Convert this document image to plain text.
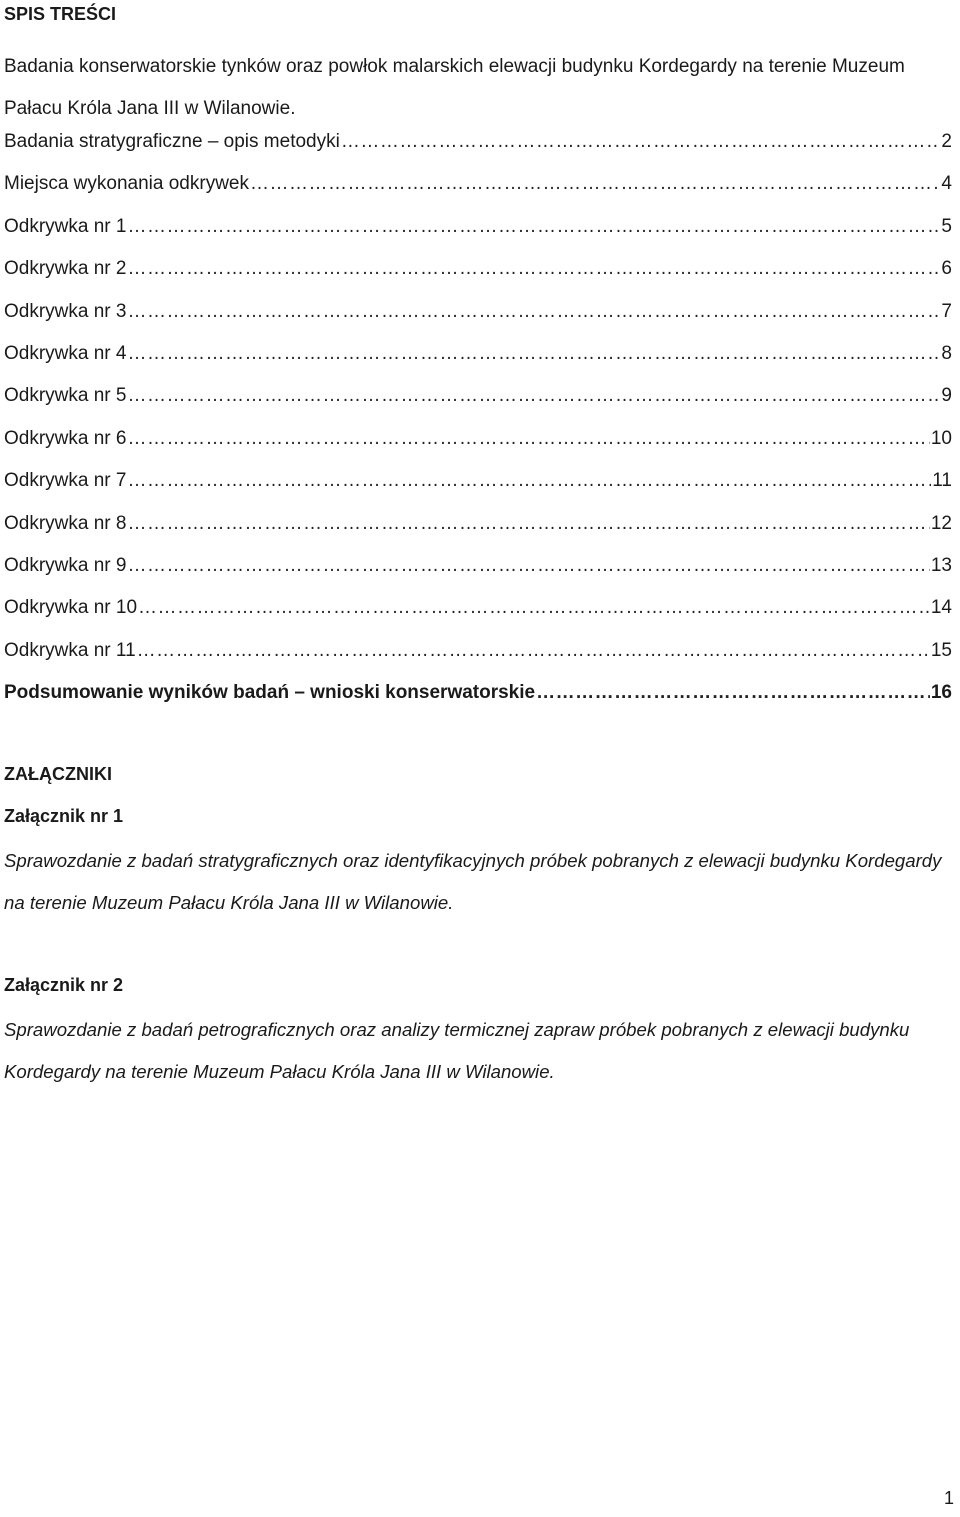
SPIS TREŚCI
Badania konserwatorskie tynków oraz powłok malarskich elewacji budynku Kordegardy na terenie Muzeum Pałacu Króla Jana III w Wilanowie.
Badania stratygraficzne – opis metodyki ……………………………………………………………………………………………………………………………………………………………………………………………………………………………………	2
Miejsca wykonania odkrywek ……………………………………………………………………………………………………………………………………………………………………………………………………………………………………	4
Odkrywka nr 1 ……………………………………………………………………………………………………………………………………………………………………………………………………………………………………	5
Odkrywka nr 2 ……………………………………………………………………………………………………………………………………………………………………………………………………………………………………	6
Odkrywka nr 3 ……………………………………………………………………………………………………………………………………………………………………………………………………………………………………	7
Odkrywka nr 4 ……………………………………………………………………………………………………………………………………………………………………………………………………………………………………	8
Odkrywka nr 5 ……………………………………………………………………………………………………………………………………………………………………………………………………………………………………	9
Odkrywka nr 6 ……………………………………………………………………………………………………………………………………………………………………………………………………………………………………	10
Odkrywka nr 7 ……………………………………………………………………………………………………………………………………………………………………………………………………………………………………	11
Odkrywka nr 8 ……………………………………………………………………………………………………………………………………………………………………………………………………………………………………	12
Odkrywka nr 9 ……………………………………………………………………………………………………………………………………………………………………………………………………………………………………	13
Odkrywka nr 10 ……………………………………………………………………………………………………………………………………………………………………………………………………………………………………	14
Odkrywka nr 11 ……………………………………………………………………………………………………………………………………………………………………………………………………………………………………	15
Podsumowanie wyników badań – wnioski konserwatorskie ……………………………………………………………………………………………………………………………………………………………………………………………………………………………………	16
ZAŁĄCZNIKI
Załącznik nr 1
Sprawozdanie z badań stratygraficznych oraz identyfikacyjnych próbek pobranych z elewacji budynku Kordegardy na terenie Muzeum Pałacu Króla Jana III w Wilanowie.
Załącznik nr 2
Sprawozdanie z badań petrograficznych oraz analizy termicznej zapraw próbek pobranych z elewacji budynku Kordegardy na terenie Muzeum Pałacu Króla Jana III w Wilanowie.
1
